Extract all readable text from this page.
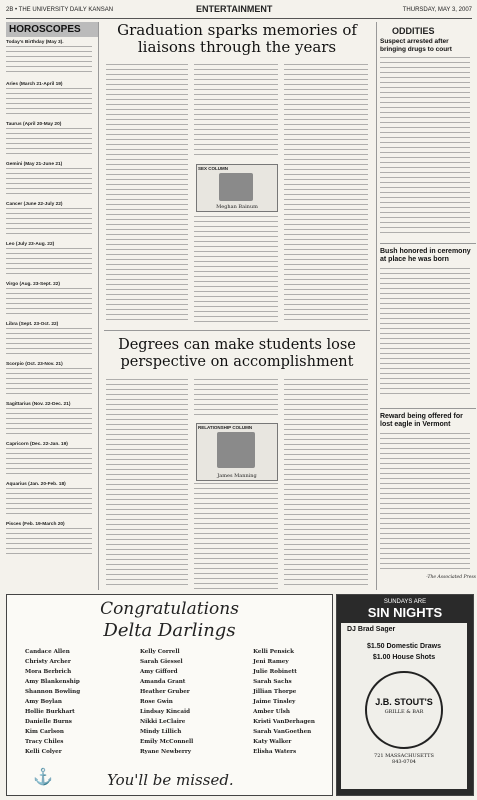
2B • THE UNIVERSITY DAILY KANSAN	ENTERTAINMENT	THURSDAY, MAY 3, 2007
HOROSCOPES
Today's Birthday (May 3).
Aries (March 21-April 19)
Taurus (April 20-May 20)
Gemini (May 21-June 21)
Cancer (June 22-July 22)
Leo (July 23-Aug. 22)
Virgo (Aug. 23-Sept. 22)
Libra (Sept. 23-Oct. 22)
Scorpio (Oct. 23-Nov. 21)
Sagittarius (Nov. 22-Dec. 21)
Capricorn (Dec. 22-Jan. 19)
Aquarius (Jan. 20-Feb. 18)
Pisces (Feb. 19-March 20)
Graduation sparks memories of liaisons through the years
SEX COLUMN
Meghan Bainum
ODDITIES
Suspect arrested after bringing drugs to court
Bush honored in ceremony at place he was born
Reward being offered for lost eagle in Vermont
-The Associated Press
Degrees can make students lose perspective on accomplishment
RELATIONSHIP COLUMN
James Manning
Congratulations
Delta Darlings
Candace Allen
Christy Archer
Mora Berbrich
Amy Blankenship
Shannon Bowling
Amy Boylan
Hollie Burkhart
Danielle Burns
Kim Carlson
Tracy Chiles
Kelli Colyer
Kelly Correll
Sarah Giessel
Amy Gifford
Amanda Grant
Heather Gruber
Rose Gwin
Lindsay Kincaid
Nikki LeClaire
Mindy Lillich
Emily McConnell
Ryane Newberry
Kelli Pensick
Jeni Ramey
Julie Robinett
Sarah Sachs
Jillian Thorpe
Jaime Tinsley
Amber Ulsh
Kristi VanDerhagen
Sarah VanGoethen
Katy Walker
Elisha Waters
⚓	You'll be missed.
SUNDAYS ARE
SIN NIGHTS
DJ Brad Sager
$1.50 Domestic Draws
$1.00 House Shots
J.B. STOUT'S
GRILLE & BAR
721 MASSACHUSETTS
843-0704
